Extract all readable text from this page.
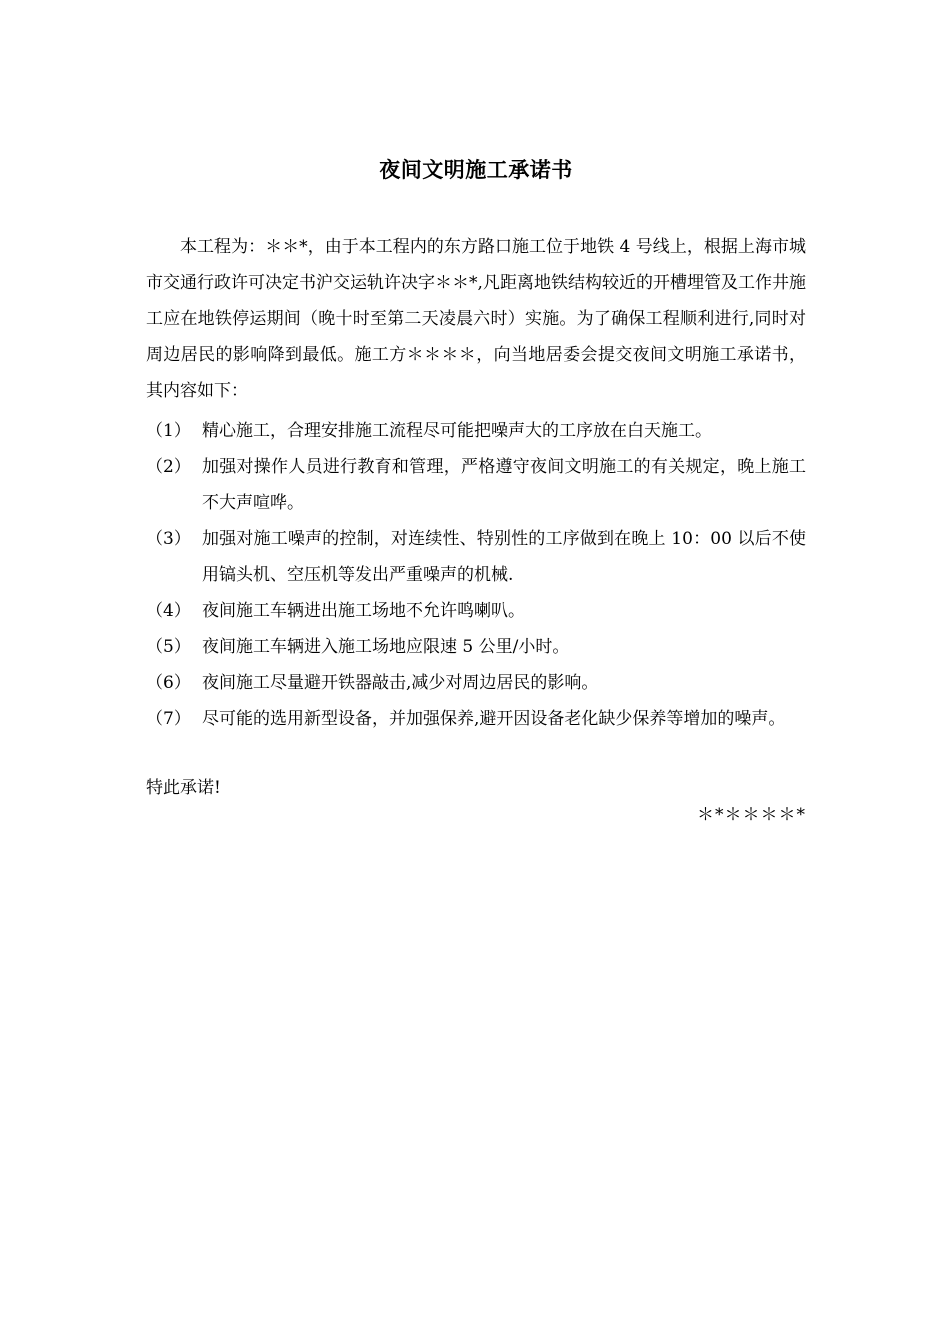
夜间文明施工承诺书

本工程为：＊＊*，由于本工程内的东方路口施工位于地铁 4 号线上，根据上海市城市交通行政许可决定书沪交运轨许决字＊＊*,凡距离地铁结构较近的开槽埋管及工作井施工应在地铁停运期间（晚十时至第二天凌晨六时）实施。为了确保工程顺利进行,同时对周边居民的影响降到最低。施工方＊＊＊＊，向当地居委会提交夜间文明施工承诺书，其内容如下：

（1） 精心施工，合理安排施工流程尽可能把噪声大的工序放在白天施工。
（2） 加强对操作人员进行教育和管理，严格遵守夜间文明施工的有关规定，晚上施工不大声喧哗。
（3） 加强对施工噪声的控制，对连续性、特别性的工序做到在晚上 10：00 以后不使用镐头机、空压机等发出严重噪声的机械.
（4） 夜间施工车辆进出施工场地不允许鸣喇叭。
（5） 夜间施工车辆进入施工场地应限速 5 公里/小时。
（6） 夜间施工尽量避开铁器敲击,减少对周边居民的影响。
（7） 尽可能的选用新型设备，并加强保养,避开因设备老化缺少保养等增加的噪声。

特此承诺!

＊*＊＊＊＊*
